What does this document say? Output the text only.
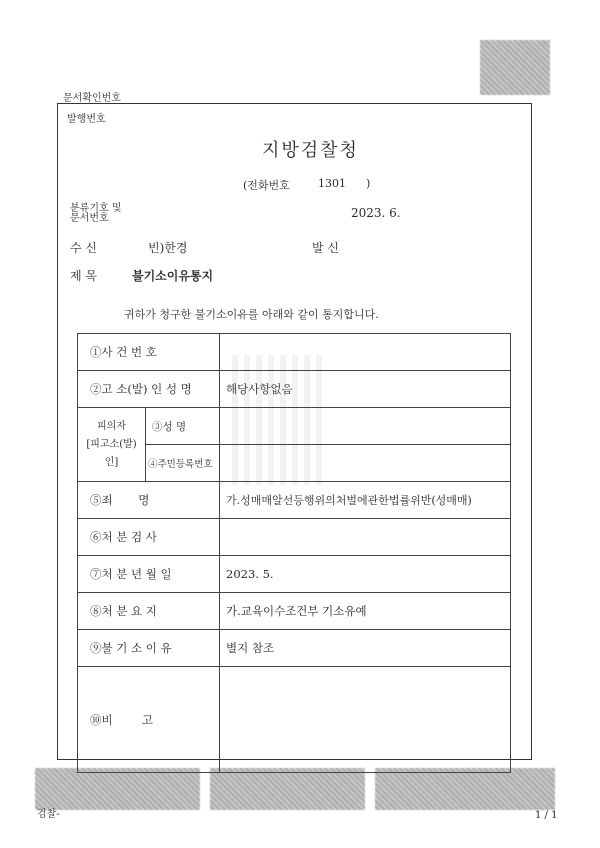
문서확인번호
발행번호
지방검찰청
(전화번호	1301 )
분류기호 및
문서번호	2023. 6.
수 신	빈)한경	발 신
제 목	불기소이유통지
귀하가 청구한 불기소이유를 아래와 같이 통지합니다.
①사 건 번 호		
②고 소(발) 인 성 명		해당사항없음

피의자
[피고소(발)인]	③성 명	
	④주민등록번호	
⑤죄       명		가.성매매알선등행위의처벌에관한법률위반(성매매)
⑥처 분 검 사		
⑦처 분 년 월 일		2023. 5.
⑧처 분 요 지		가.교육이수조건부 기소유예
⑨불 기 소 이 유		별지 참조
⑩비        고		
검찰-	1 / 1
